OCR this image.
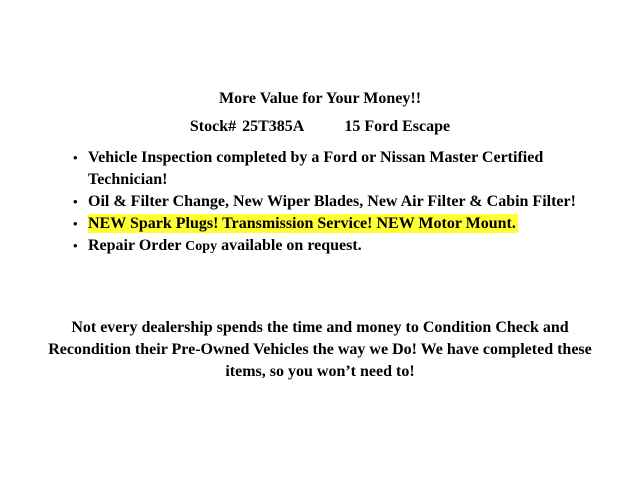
More Value for Your Money!!
Stock# 25T385A	15 Ford Escape
• Vehicle Inspection completed by a Ford or Nissan Master Certified Technician!
• Oil & Filter Change, New Wiper Blades, New Air Filter & Cabin Filter!
• NEW Spark Plugs! Transmission Service! NEW Motor Mount.
• Repair Order Copy available on request.
Not every dealership spends the time and money to Condition Check and Recondition their Pre-Owned Vehicles the way we Do! We have completed these items, so you won’t need to!
